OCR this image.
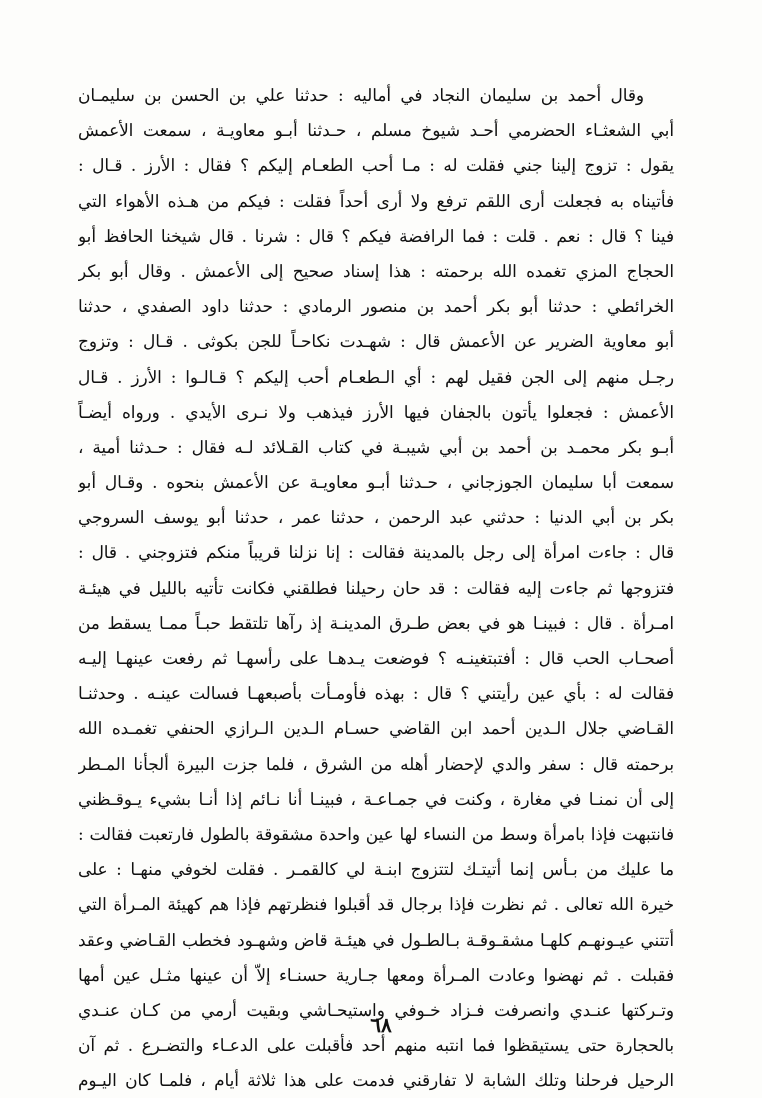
وقال أحمد بن سليمان النجاد في أماليه : حدثنا علي بن الحسن بن سليمـان
أبي الشعثـاء الحضرمي أحـد شيوخ مسلم ، حـدثنا أبـو معاويـة ، سمعت الأعمش
يقول : تزوج إلينا جني فقلت له : مـا أحب الطعـام إليكم ؟ فقال : الأرز . قـال :
فأتيناه به فجعلت أرى اللقم ترفع ولا أرى أحداً فقلت : فيكم من هـذه الأهواء التي
فينا ؟ قال : نعم . قلت : فما الرافضة فيكم ؟ قال : شرنا . قال شيخنا الحافظ أبو
الحجاج المزي تغمده الله برحمته : هذا إسناد صحيح إلى الأعمش . وقال أبو بكر
الخرائطي : حدثنا أبو بكر أحمد بن منصور الرمادي : حدثنا داود الصفدي ، حدثنا
أبو معاوية الضرير عن الأعمش قال : شهـدت نكاحـاً للجن بكوثى . قـال : وتزوج
رجـل منهم إلى الجن فقيل لهم : أي الـطعـام أحب إليكم ؟ قـالـوا : الأرز . قـال
الأعمش : فجعلوا يأتون بالجفان فيها الأرز فيذهب ولا نـرى الأيدي . ورواه أيضـاً
أبـو بكر محمـد بن أحمد بن أبي شيبـة في كتاب القـلائد لـه فقال : حـدثنا أمية ،
سمعت أبا سليمان الجوزجاني ، حـدثنا أبـو معاويـة عن الأعمش بنحوه . وقـال أبو
بكر بن أبي الدنيا : حدثني عبد الرحمن ، حدثنا عمر ، حدثنا أبو يوسف السروجي
قال : جاءت امرأة إلى رجل بالمدينة فقالت : إنا نزلنا قريباً منكم فتزوجني . قال :
فتزوجها ثم جاءت إليه فقالت : قد حان رحيلنا فطلقني فكانت تأتيه بالليل في هيئـة
امـرأة . قال : فبينـا هو في بعض طـرق المدينـة إذ رآها تلتقط حبـاً ممـا يسقط من
أصحـاب الحب قال : أفتبتغينـه ؟ فوضعت يـدهـا على رأسهـا ثم رفعت عينهـا إليـه
فقالت له : بأي عين رأيتني ؟ قال : بهذه فأومـأت بأصبعهـا فسالت عينـه . وحدثنـا
القـاضي جلال الـدين أحمد ابن القاضي حسـام الـدين الـرازي الحنفي تغمـده الله
برحمته قال : سفر والدي لإحضار أهله من الشرق ، فلما جزت البيرة ألجأنا المـطر
إلى أن نمنـا في مغارة ، وكنت في جمـاعـة ، فبينـا أنا نـائم إذا أنـا بشيء يـوقـظني
فانتبهت فإذا بامرأة وسط من النساء لها عين واحدة مشقوقة بالطول فارتعبت فقالت :
ما عليك من بـأس إنما أتيتـك لتتزوج ابنـة لي كالقمـر . فقلت لخوفي منهـا : على
خيرة الله تعالى . ثم نظرت فإذا برجال قد أقبلوا فنظرتهم فإذا هم كهيئة المـرأة التي
أتتني عيـونهـم كلهـا مشقـوقـة بـالطـول في هيئـة قاض وشهـود فخطب القـاضي وعقد
فقبلت . ثم نهضوا وعادت المـرأة ومعها جـارية حسنـاء إلاّ أن عينها مثـل عين أمها
وتـركتها عنـدي وانصرفت فـزاد خـوفي واستيحـاشي وبقيت أرمي من كـان عنـدي
بالحجارة حتى يستيقظوا فما انتبه منهم أحد فأقبلت على الدعـاء والتضـرع . ثم آن
الرحيل فرحلنا وتلك الشابة لا تفارقني فدمت على هذا ثلاثة أيام ، فلمـا كان اليـوم
٦٨
